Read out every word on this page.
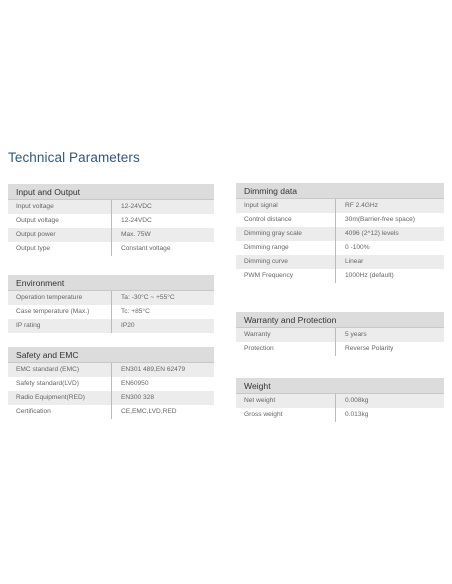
Technical Parameters
Input and Output
Input voltage	12-24VDC
Output voltage	12-24VDC
Output power	Max. 75W
Output type	Constant voltage
Environment
Operation temperature	Ta: -30°C ~ +55°C
Case temperature (Max.)	Tc: +85°C
IP rating	IP20
Safety and EMC
EMC standard (EMC)	EN301 489,EN 62479
Safety standard(LVD)	EN60950
Radio Equipment(RED)	EN300 328
Certification	CE,EMC,LVD,RED
Dimming data
Input signal	RF 2.4GHz
Control distance	30m(Barrier-free space)
Dimming gray scale	4096 (2^12) levels
Dimming range	0 -100%
Dimming curve	Linear
PWM Frequency	1000Hz (default)
Warranty and Protection
Warranty	5 years
Protection	Reverse Polarity
Weight
Net weight	0.008kg
Gross weight	0.013kg
